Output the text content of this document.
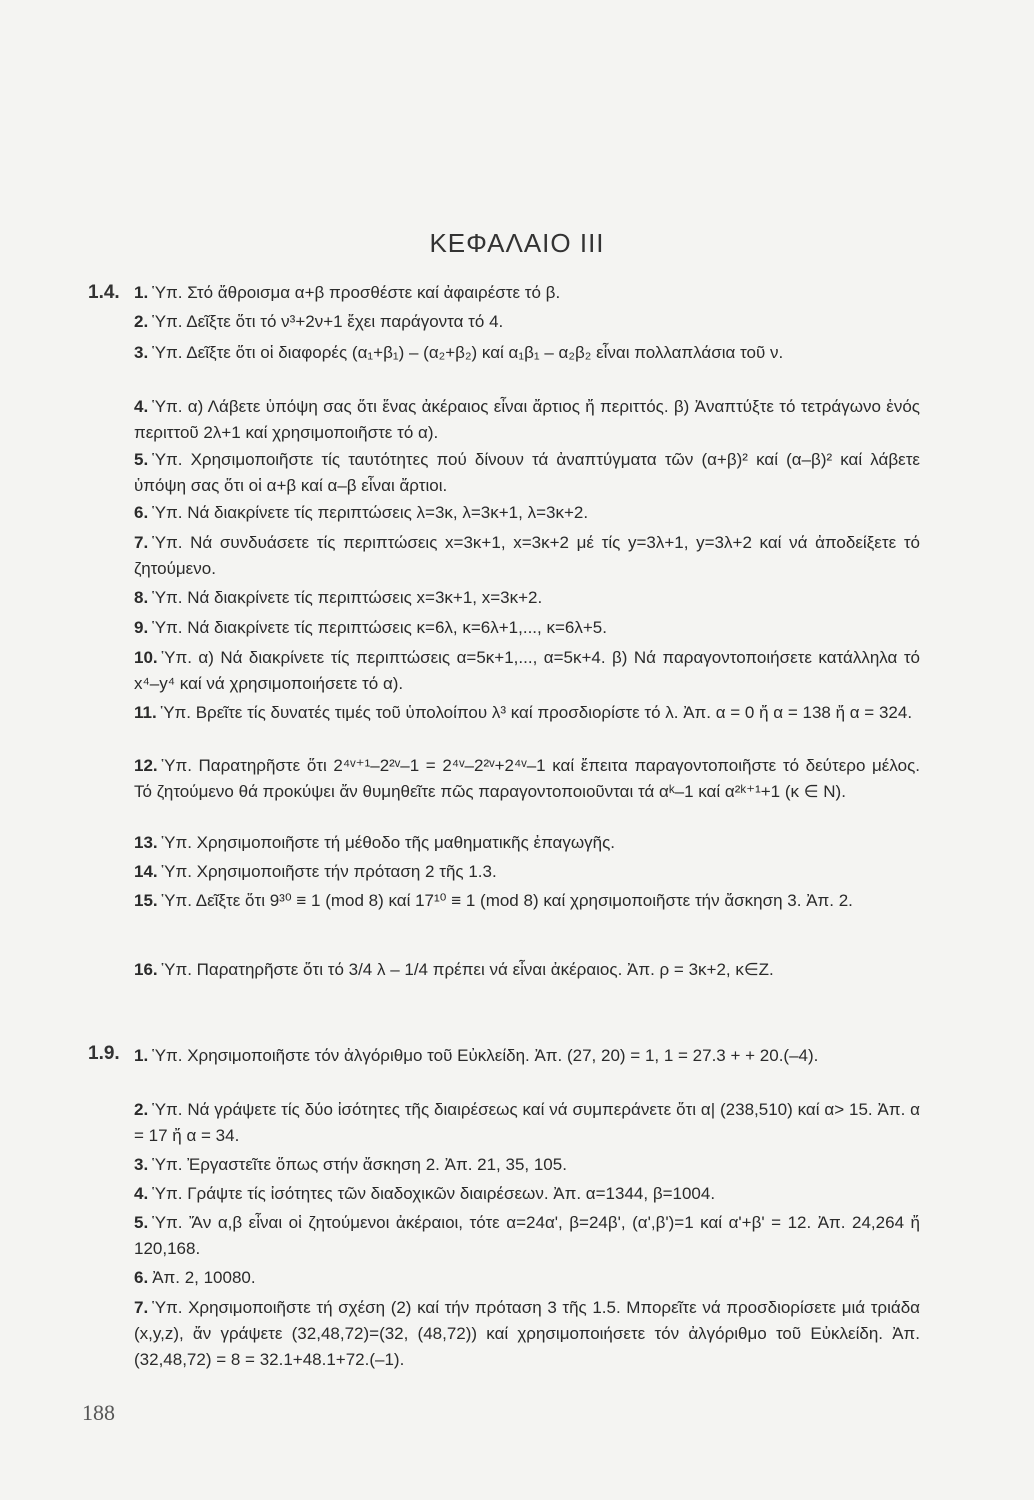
ΚΕΦΑΛΑΙΟ III
1.4. 1. Ὑπ. Στό ἄθροισμα α+β προσθέστε καί ἀφαιρέστε τό β.
2. Ὑπ. Δεῖξτε ὅτι τό ν³+2ν+1 ἔχει παράγοντα τό 4.
3. Ὑπ. Δεῖξτε ὅτι οἱ διαφορές (α₁+β₁) – (α₂+β₂) καί α₁β₁ – α₂β₂ εἶναι πολλαπλάσια τοῦ ν.
4. Ὑπ. α) Λάβετε ὑπόψη σας ὅτι ἕνας ἀκέραιος εἶναι ἄρτιος ἤ περιττός. β) Ἀναπτύξτε τό τετράγωνο ἑνός περιττοῦ 2λ+1 καί χρησιμοποιῆστε τό α).
5. Ὑπ. Χρησιμοποιῆστε τίς ταυτότητες πού δίνουν τά ἀναπτύγματα τῶν (α+β)² καί (α–β)² καί λάβετε ὑπόψη σας ὅτι οἱ α+β καί α–β εἶναι ἄρτιοι.
6. Ὑπ. Νά διακρίνετε τίς περιπτώσεις λ=3κ, λ=3κ+1, λ=3κ+2.
7. Ὑπ. Νά συνδυάσετε τίς περιπτώσεις x=3κ+1, x=3κ+2 μέ τίς y=3λ+1, y=3λ+2 καί νά ἀποδείξετε τό ζητούμενο.
8. Ὑπ. Νά διακρίνετε τίς περιπτώσεις x=3κ+1, x=3κ+2.
9. Ὑπ. Νά διακρίνετε τίς περιπτώσεις κ=6λ, κ=6λ+1,..., κ=6λ+5.
10. Ὑπ. α) Νά διακρίνετε τίς περιπτώσεις α=5κ+1,..., α=5κ+4. β) Νά παραγοντοποιήσετε κατάλληλα τό x⁴–y⁴ καί νά χρησιμοποιήσετε τό α).
11. Ὑπ. Βρεῖτε τίς δυνατές τιμές τοῦ ὑπολοίπου λ³ καί προσδιορίστε τό λ. Ἀπ. α = 0 ἤ α = 138 ἤ α = 324.
12. Ὑπ. Παρατηρῆστε ὅτι 2⁴ᵛ⁺¹–2²ᵛ–1 = 2⁴ᵛ–2²ᵛ+2⁴ᵛ–1 καί ἔπειτα παραγοντοποιῆστε τό δεύτερο μέλος. Τό ζητούμενο θά προκύψει ἄν θυμηθεῖτε πῶς παραγοντοποιοῦνται τά αᵏ–1 καί α²ᵏ⁺¹+1 (κ ∈ N).
13. Ὑπ. Χρησιμοποιῆστε τή μέθοδο τῆς μαθηματικῆς ἐπαγωγῆς.
14. Ὑπ. Χρησιμοποιῆστε τήν πρόταση 2 τῆς 1.3.
15. Ὑπ. Δεῖξτε ὅτι 9³⁰ ≡ 1 (mod 8) καί 17¹⁰ ≡ 1 (mod 8) καί χρησιμοποιῆστε τήν ἄσκηση 3. Ἀπ. 2.
16. Ὑπ. Παρατηρῆστε ὅτι τό 3/4 λ – 1/4 πρέπει νά εἶναι ἀκέραιος. Ἀπ. ρ = 3κ+2, κ∈Z.
1.9. 1. Ὑπ. Χρησιμοποιῆστε τόν ἀλγόριθμο τοῦ Εὐκλείδη. Ἀπ. (27, 20) = 1, 1 = 27.3 + + 20.(–4).
2. Ὑπ. Νά γράψετε τίς δύο ἰσότητες τῆς διαιρέσεως καί νά συμπεράνετε ὅτι α| (238,510) καί α> 15. Ἀπ. α = 17 ἤ α = 34.
3. Ὑπ. Ἐργαστεῖτε ὅπως στήν ἄσκηση 2. Ἀπ. 21, 35, 105.
4. Ὑπ. Γράψτε τίς ἰσότητες τῶν διαδοχικῶν διαιρέσεων. Ἀπ. α=1344, β=1004.
5. Ὑπ. Ἄν α,β εἶναι οἱ ζητούμενοι ἀκέραιοι, τότε α=24α', β=24β', (α',β')=1 καί α'+β' = 12. Ἀπ. 24,264 ἤ 120,168.
6. Ἀπ. 2, 10080.
7. Ὑπ. Χρησιμοποιῆστε τή σχέση (2) καί τήν πρόταση 3 τῆς 1.5. Μπορεῖτε νά προσδιορίσετε μιά τριάδα (x,y,z), ἄν γράψετε (32,48,72)=(32, (48,72)) καί χρησιμοποιήσετε τόν ἀλγόριθμο τοῦ Εὐκλείδη. Ἀπ. (32,48,72) = 8 = 32.1+48.1+72.(–1).
188
